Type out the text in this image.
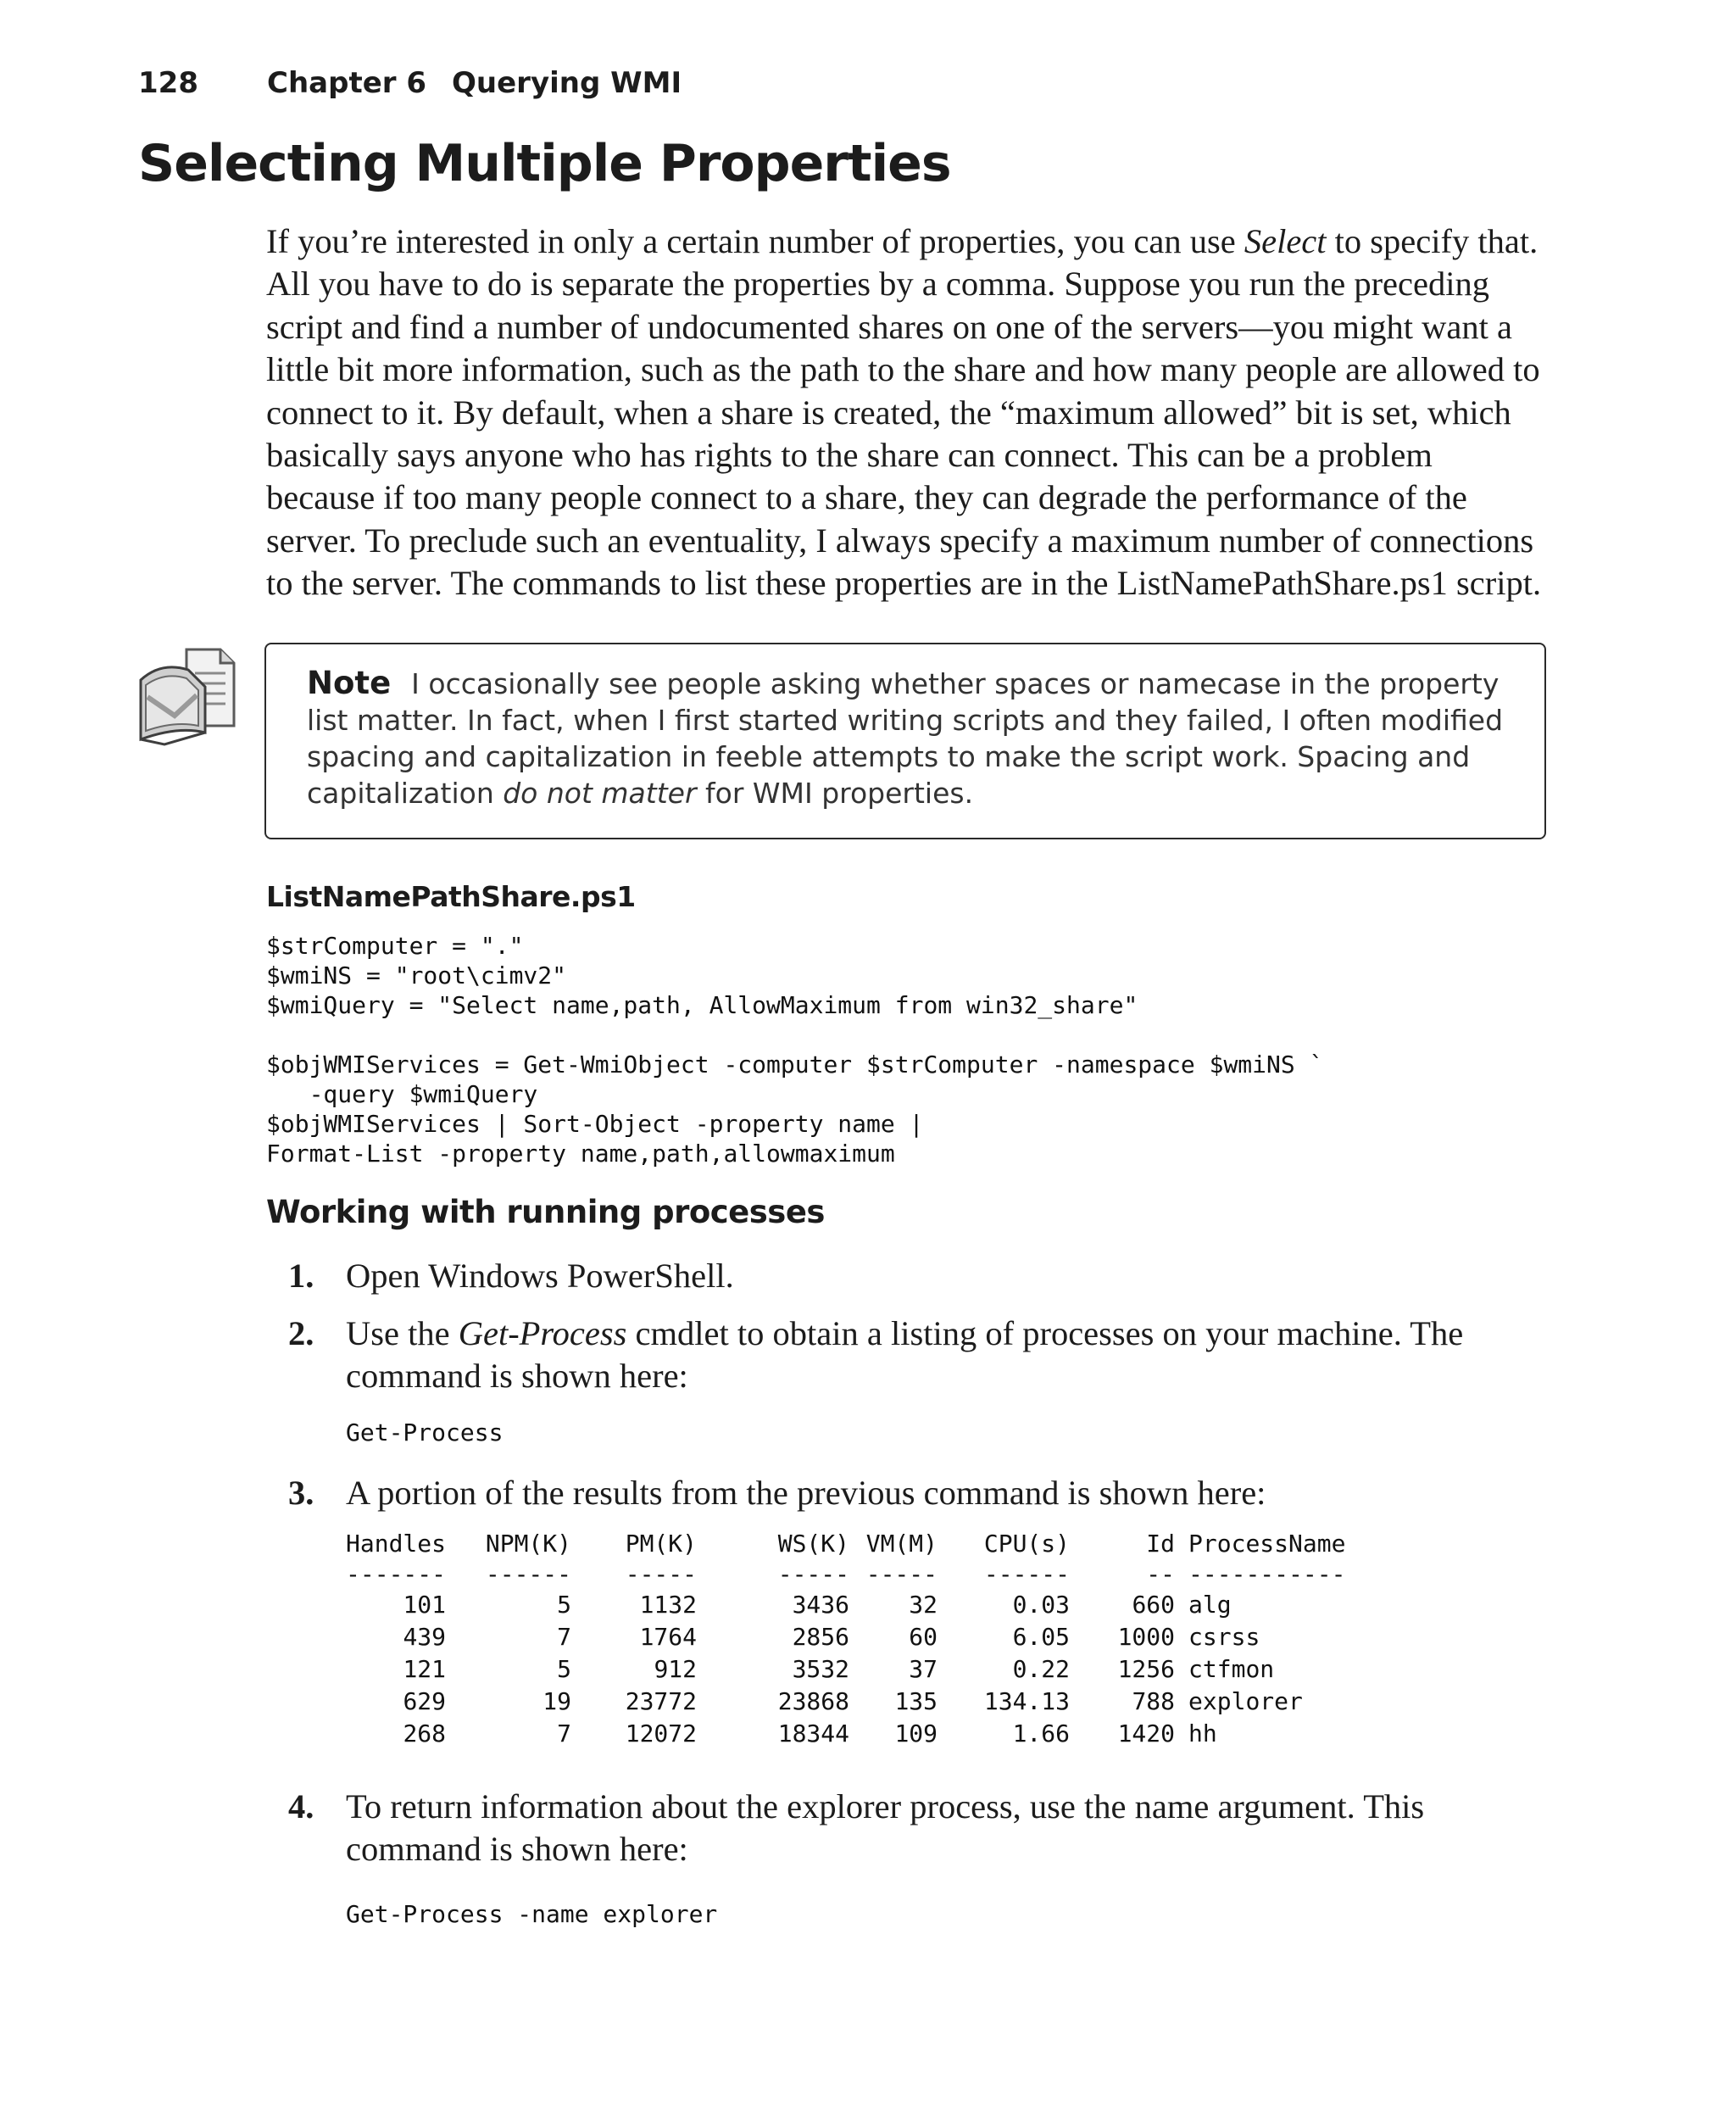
128 Chapter 6 Querying WMI
Selecting Multiple Properties

If you’re interested in only a certain number of properties, you can use Select to specify that. All you have to do is separate the properties by a comma. Suppose you run the preceding script and find a number of undocumented shares on one of the servers—you might want a little bit more information, such as the path to the share and how many people are allowed to connect to it. By default, when a share is created, the “maximum allowed” bit is set, which basically says anyone who has rights to the share can connect. This can be a problem because if too many people connect to a share, they can degrade the performance of the server. To preclude such an eventuality, I always specify a maximum number of connections to the server. The commands to list these properties are in the ListNamePathShare.ps1 script.

Note I occasionally see people asking whether spaces or namecase in the property list matter. In fact, when I first started writing scripts and they failed, I often modified spacing and capitalization in feeble attempts to make the script work. Spacing and capitalization do not matter for WMI properties.
ListNamePathShare.ps1
$strComputer = "."
$wmiNS = "root\cimv2"
$wmiQuery = "Select name,path, AllowMaximum from win32_share"

$objWMIServices = Get-WmiObject -computer $strComputer -namespace $wmiNS `
-query $wmiQuery
$objWMIServices | Sort-Object -property name |
Format-List -property name,path,allowmaximum
Working with running processes
1. Open Windows PowerShell.
2. Use the Get-Process cmdlet to obtain a listing of processes on your machine. The command is shown here:
Get-Process
3. A portion of the results from the previous command is shown here:
Handles	NPM(K)	PM(K)	WS(K)	VM(M)	CPU(s)	Id	ProcessName
-------	------	-----	-----	-----	------	--	-----------
101	5	1132	3436	32	0.03	660	alg
439	7	1764	2856	60	6.05	1000	csrss
121	5	912	3532	37	0.22	1256	ctfmon
629	19	23772	23868	135	134.13	788	explorer
268	7	12072	18344	109	1.66	1420	hh
4. To return information about the explorer process, use the name argument. This command is shown here:
Get-Process -name explorer
